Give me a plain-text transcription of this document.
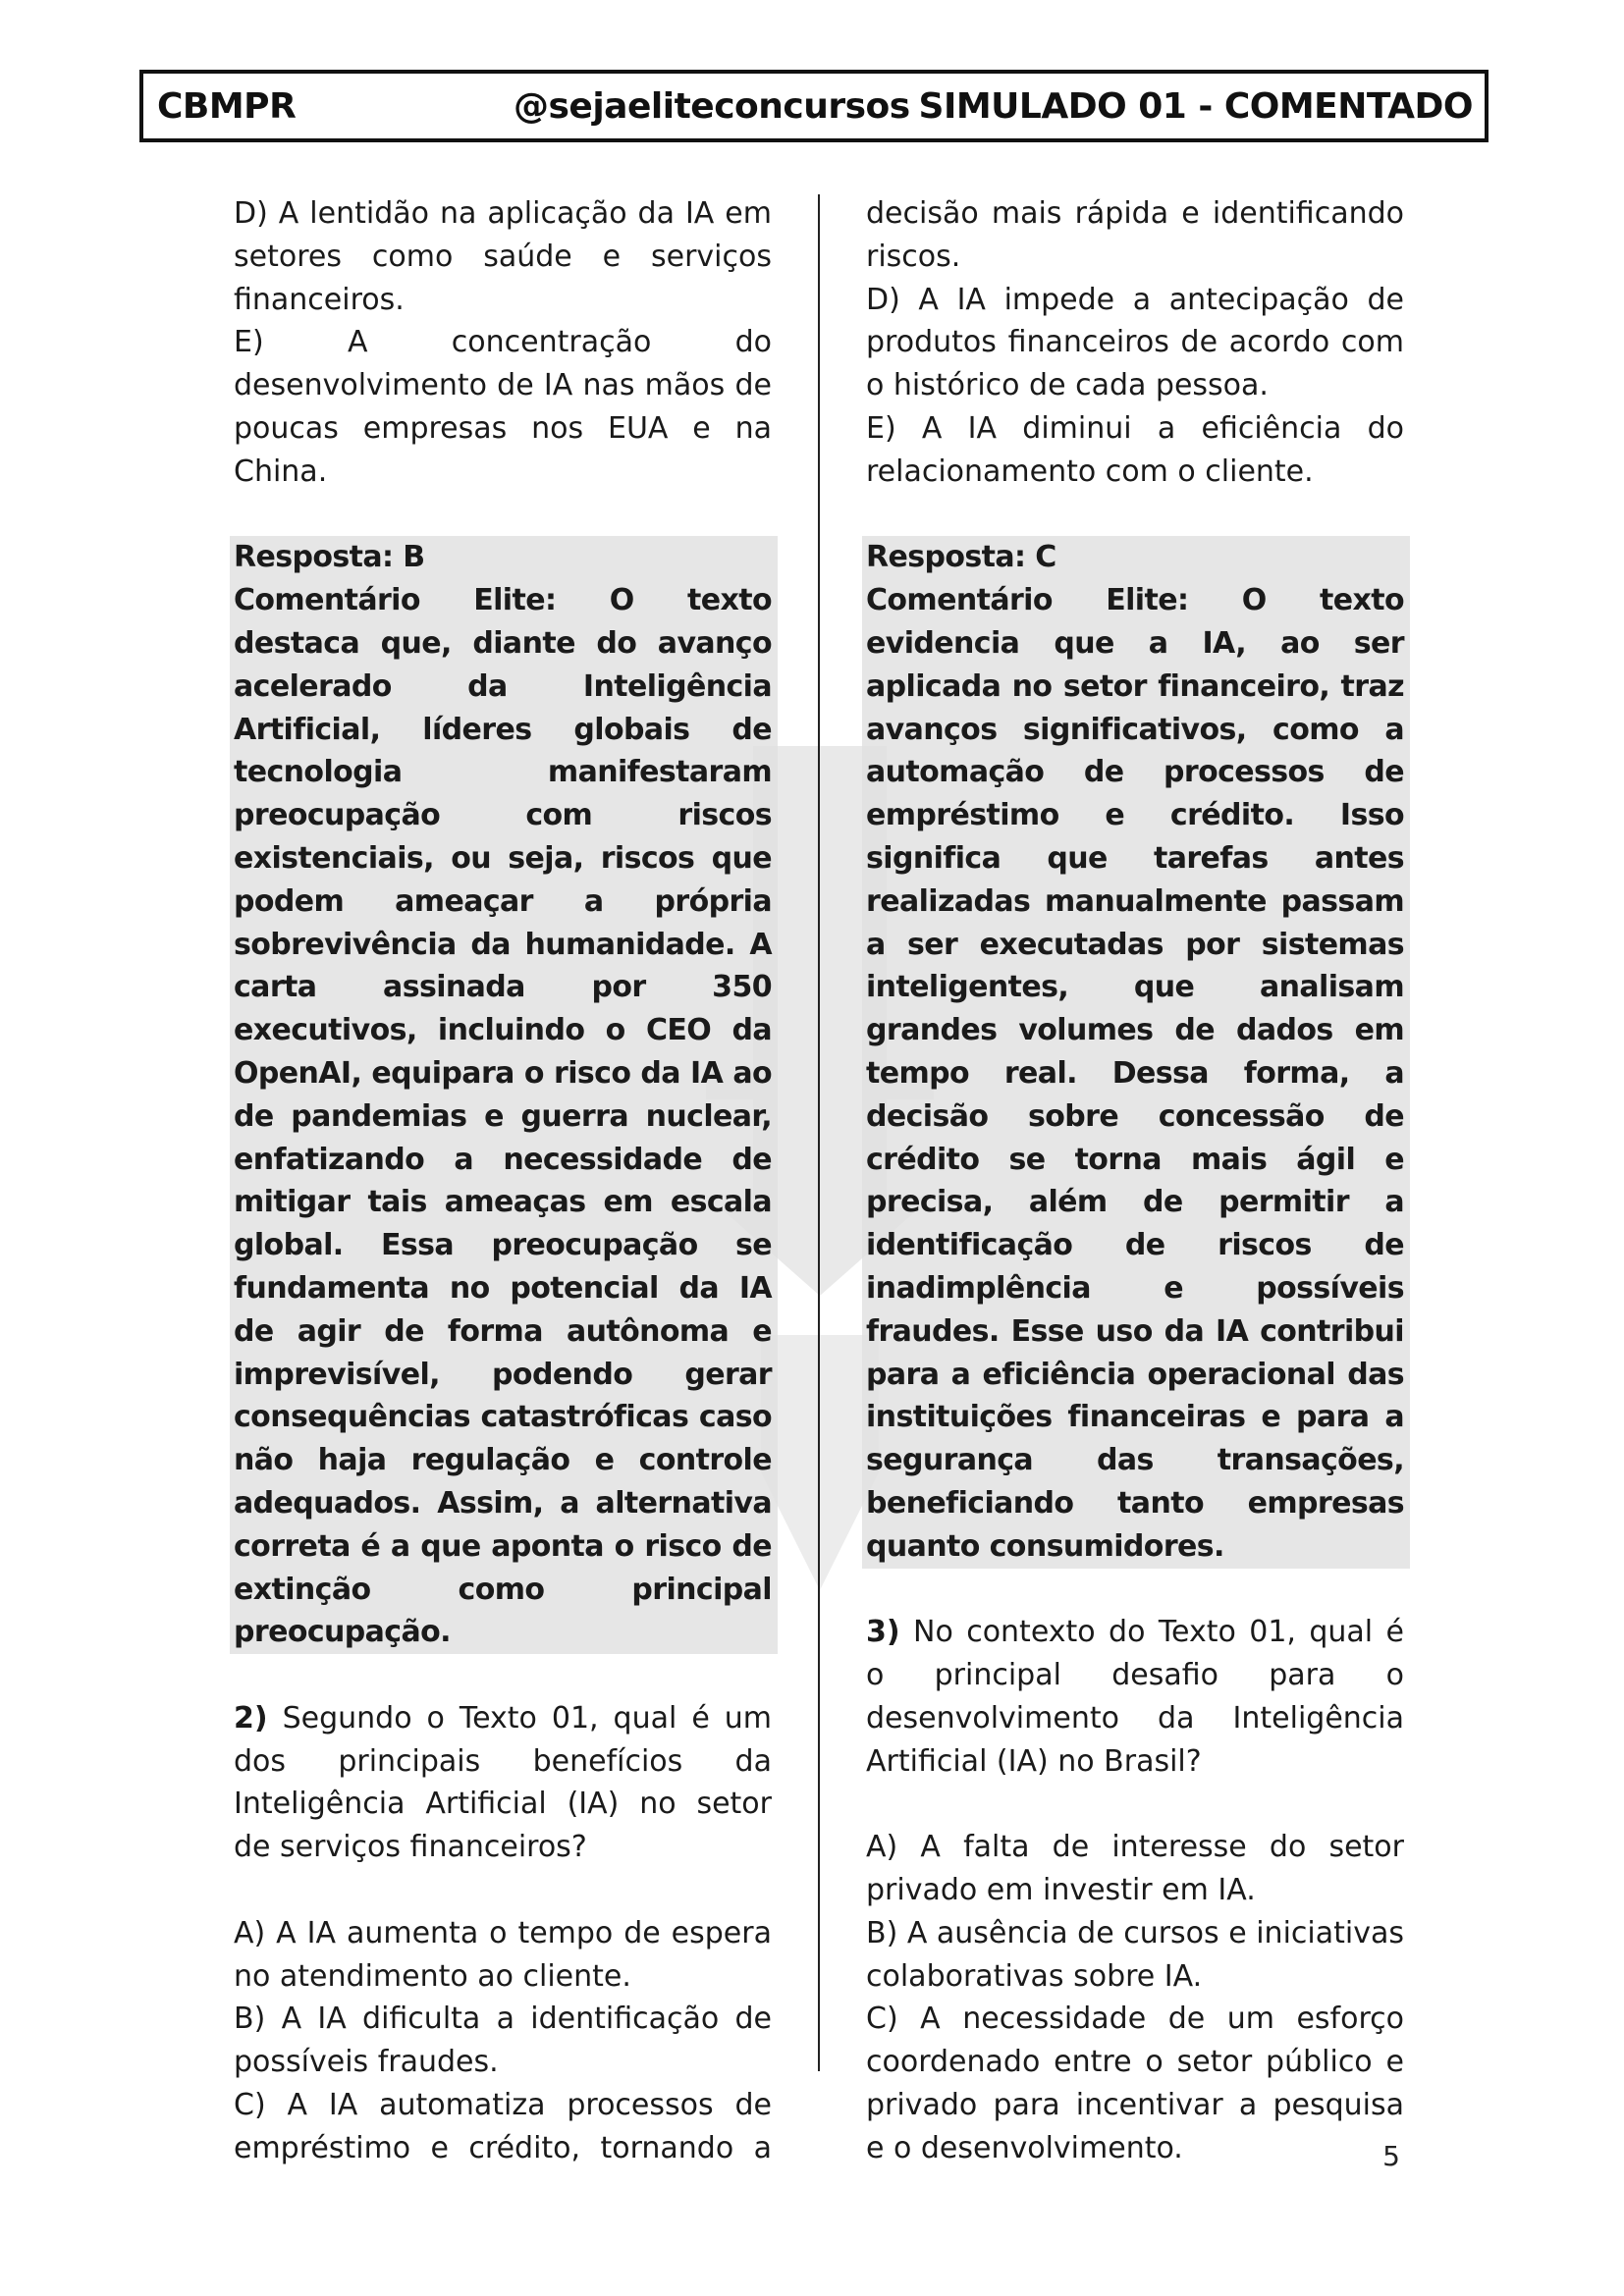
CBMPR	@sejaeliteconcursos SIMULADO 01 - COMENTADO

D) A lentidão na aplicação da IA em setores como saúde e serviços financeiros.

E) A concentração do desenvolvimento de IA nas mãos de poucas empresas nos EUA e na China.

Resposta: B

Comentário Elite: O texto destaca que, diante do avanço acelerado da Inteligência Artificial, líderes globais de tecnologia manifestaram preocupação com riscos existenciais, ou seja, riscos que podem ameaçar a própria sobrevivência da humanidade. A carta assinada por 350 executivos, incluindo o CEO da OpenAI, equipara o risco da IA ao de pandemias e guerra nuclear, enfatizando a necessidade de mitigar tais ameaças em escala global. Essa preocupação se fundamenta no potencial da IA de agir de forma autônoma e imprevisível, podendo gerar consequências catastróficas caso não haja regulação e controle adequados. Assim, a alternativa correta é a que aponta o risco de extinção como principal preocupação.

2) Segundo o Texto 01, qual é um dos principais benefícios da Inteligência Artificial (IA) no setor de serviços financeiros?

A) A IA aumenta o tempo de espera no atendimento ao cliente.

B) A IA dificulta a identificação de possíveis fraudes.

C) A IA automatiza processos de empréstimo e crédito, tornando a

decisão mais rápida e identificando riscos.

D) A IA impede a antecipação de produtos financeiros de acordo com o histórico de cada pessoa.

E) A IA diminui a eficiência do relacionamento com o cliente.

Resposta: C

Comentário Elite: O texto evidencia que a IA, ao ser aplicada no setor financeiro, traz avanços significativos, como a automação de processos de empréstimo e crédito. Isso significa que tarefas antes realizadas manualmente passam a ser executadas por sistemas inteligentes, que analisam grandes volumes de dados em tempo real. Dessa forma, a decisão sobre concessão de crédito se torna mais ágil e precisa, além de permitir a identificação de riscos de inadimplência e possíveis fraudes. Esse uso da IA contribui para a eficiência operacional das instituições financeiras e para a segurança das transações, beneficiando tanto empresas quanto consumidores.

3) No contexto do Texto 01, qual é o principal desafio para o desenvolvimento da Inteligência Artificial (IA) no Brasil?

A) A falta de interesse do setor privado em investir em IA.

B) A ausência de cursos e iniciativas colaborativas sobre IA.

C) A necessidade de um esforço coordenado entre o setor público e privado para incentivar a pesquisa e o desenvolvimento.	5
